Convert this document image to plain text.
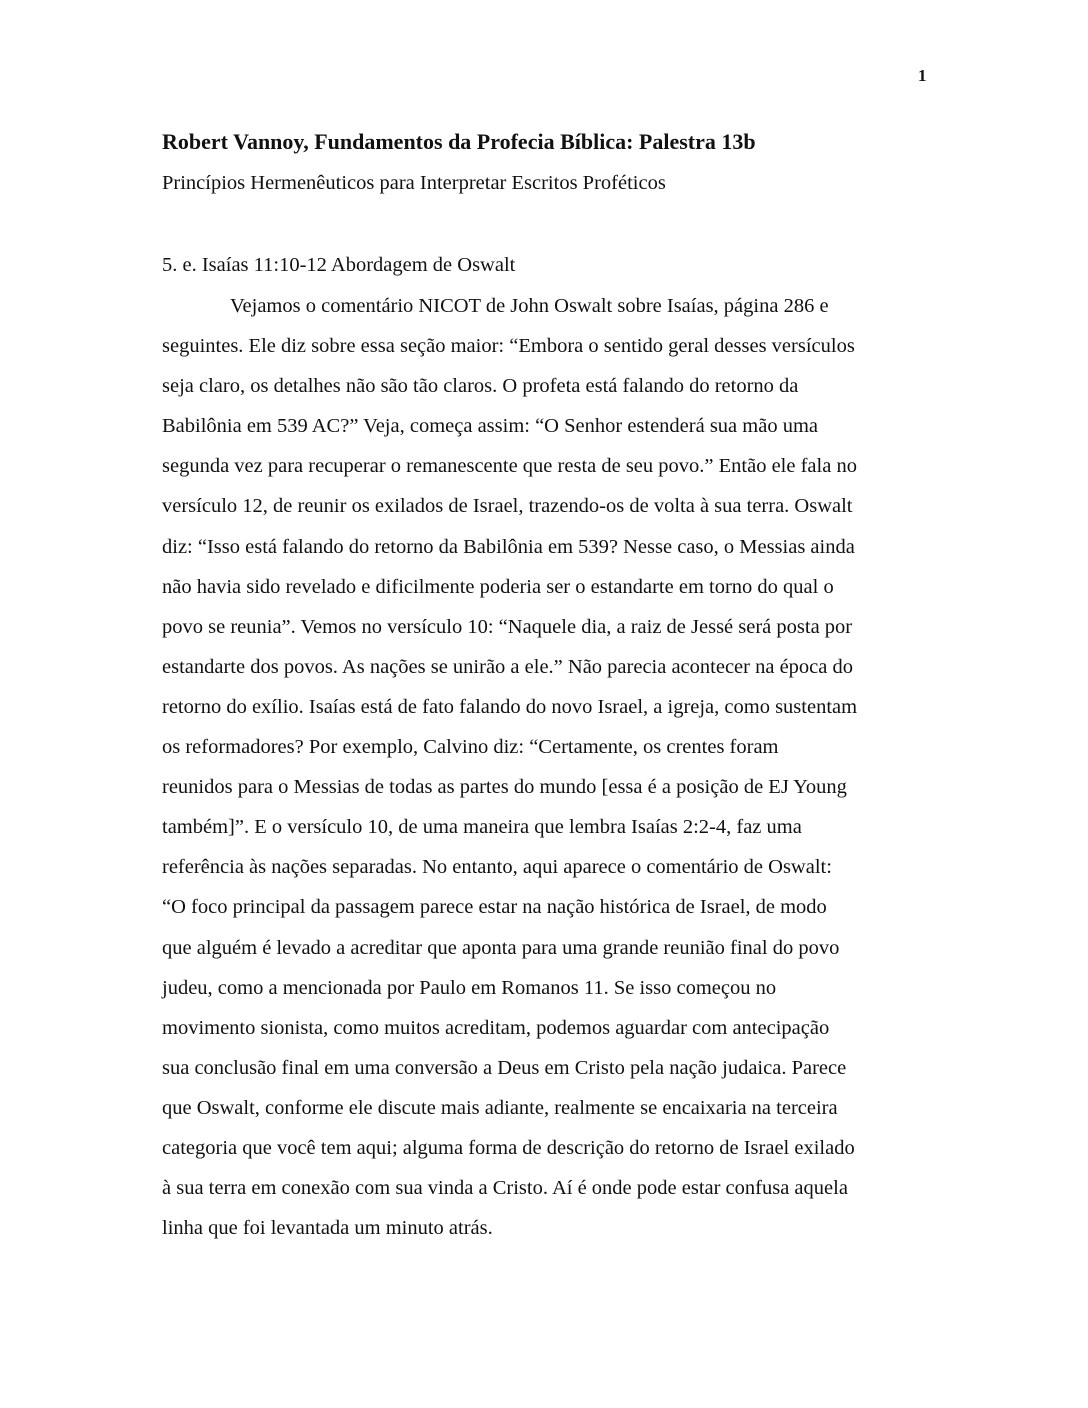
1
Robert Vannoy, Fundamentos da Profecia Bíblica: Palestra 13b
Princípios Hermenêuticos para Interpretar Escritos Proféticos
5. e. Isaías 11:10-12 Abordagem de Oswalt
Vejamos o comentário NICOT de John Oswalt sobre Isaías, página 286 e
seguintes. Ele diz sobre essa seção maior: “Embora o sentido geral desses versículos
seja claro, os detalhes não são tão claros. O profeta está falando do retorno da
Babilônia em 539 AC?” Veja, começa assim: “O Senhor estenderá sua mão uma
segunda vez para recuperar o remanescente que resta de seu povo.” Então ele fala no
versículo 12, de reunir os exilados de Israel, trazendo-os de volta à sua terra. Oswalt
diz: “Isso está falando do retorno da Babilônia em 539? Nesse caso, o Messias ainda
não havia sido revelado e dificilmente poderia ser o estandarte em torno do qual o
povo se reunia”. Vemos no versículo 10: “Naquele dia, a raiz de Jessé será posta por
estandarte dos povos. As nações se unirão a ele.” Não parecia acontecer na época do
retorno do exílio. Isaías está de fato falando do novo Israel, a igreja, como sustentam
os reformadores? Por exemplo, Calvino diz: “Certamente, os crentes foram
reunidos para o Messias de todas as partes do mundo [essa é a posição de EJ Young
também]”. E o versículo 10, de uma maneira que lembra Isaías 2:2-4, faz uma
referência às nações separadas. No entanto, aqui aparece o comentário de Oswalt:
“O foco principal da passagem parece estar na nação histórica de Israel, de modo
que alguém é levado a acreditar que aponta para uma grande reunião final do povo
judeu, como a mencionada por Paulo em Romanos 11. Se isso começou no
movimento sionista, como muitos acreditam, podemos aguardar com antecipação
sua conclusão final em uma conversão a Deus em Cristo pela nação judaica. Parece
que Oswalt, conforme ele discute mais adiante, realmente se encaixaria na terceira
categoria que você tem aqui; alguma forma de descrição do retorno de Israel exilado
à sua terra em conexão com sua vinda a Cristo. Aí é onde pode estar confusa aquela
linha que foi levantada um minuto atrás.
